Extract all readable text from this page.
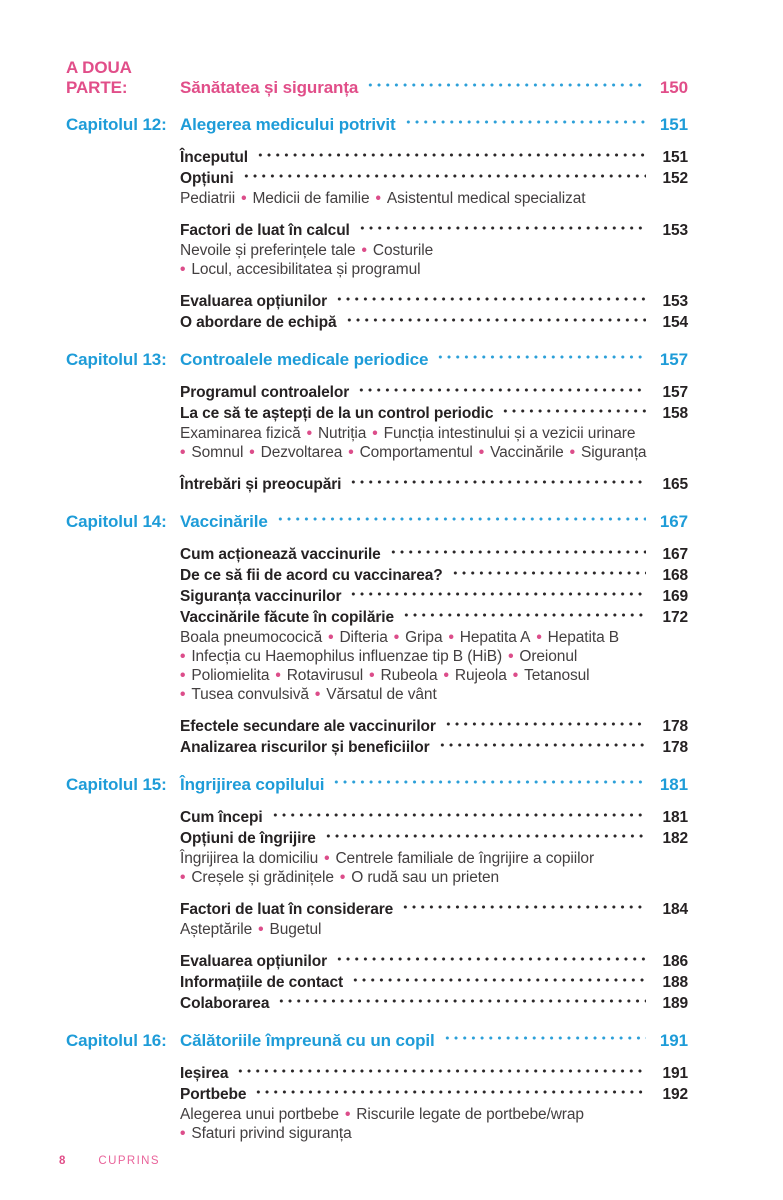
A DOUA PARTE:	Sănătatea și siguranța	150
Capitolul 12: Alegerea medicului potrivit	151
Începutul	151
Opțiuni	152

Pediatrii • Medicii de familie • Asistentul medical specializat

Factori de luat în calcul	153

Nevoile și preferințele tale • Costurile

• Locul, accesibilitatea și programul

Evaluarea opțiunilor	153
O abordare de echipă	154
Capitolul 13: Controalele medicale periodice	157
Programul controalelor	157
La ce să te aștepți de la un control periodic	158

Examinarea fizică • Nutriția • Funcția intestinului și a vezicii urinare

• Somnul • Dezvoltarea • Comportamentul • Vaccinările • Siguranța

Întrebări și preocupări	165
Capitolul 14: Vaccinările	167
Cum acționează vaccinurile	167
De ce să fii de acord cu vaccinarea?	168
Siguranța vaccinurilor	169
Vaccinările făcute în copilărie	172

Boala pneumococică • Difteria • Gripa • Hepatita A • Hepatita B

• Infecția cu Haemophilus influenzae tip B (HiB) • Oreionul

• Poliomielita • Rotavirusul • Rubeola • Rujeola • Tetanosul

• Tusea convulsivă • Vărsatul de vânt

Efectele secundare ale vaccinurilor	178
Analizarea riscurilor și beneficiilor	178
Capitolul 15: Îngrijirea copilului	181
Cum începi	181
Opțiuni de îngrijire	182

Îngrijirea la domiciliu • Centrele familiale de îngrijire a copiilor

• Creșele și grădinițele • O rudă sau un prieten

Factori de luat în considerare	184

Așteptările • Bugetul

Evaluarea opțiunilor	186
Informațiile de contact	188
Colaborarea	189
Capitolul 16: Călătoriile împreună cu un copil	191
Ieșirea	191
Portbebe	192

Alegerea unui portbebe • Riscurile legate de portbebe/wrap

• Sfaturi privind siguranța

8	CUPRINS
